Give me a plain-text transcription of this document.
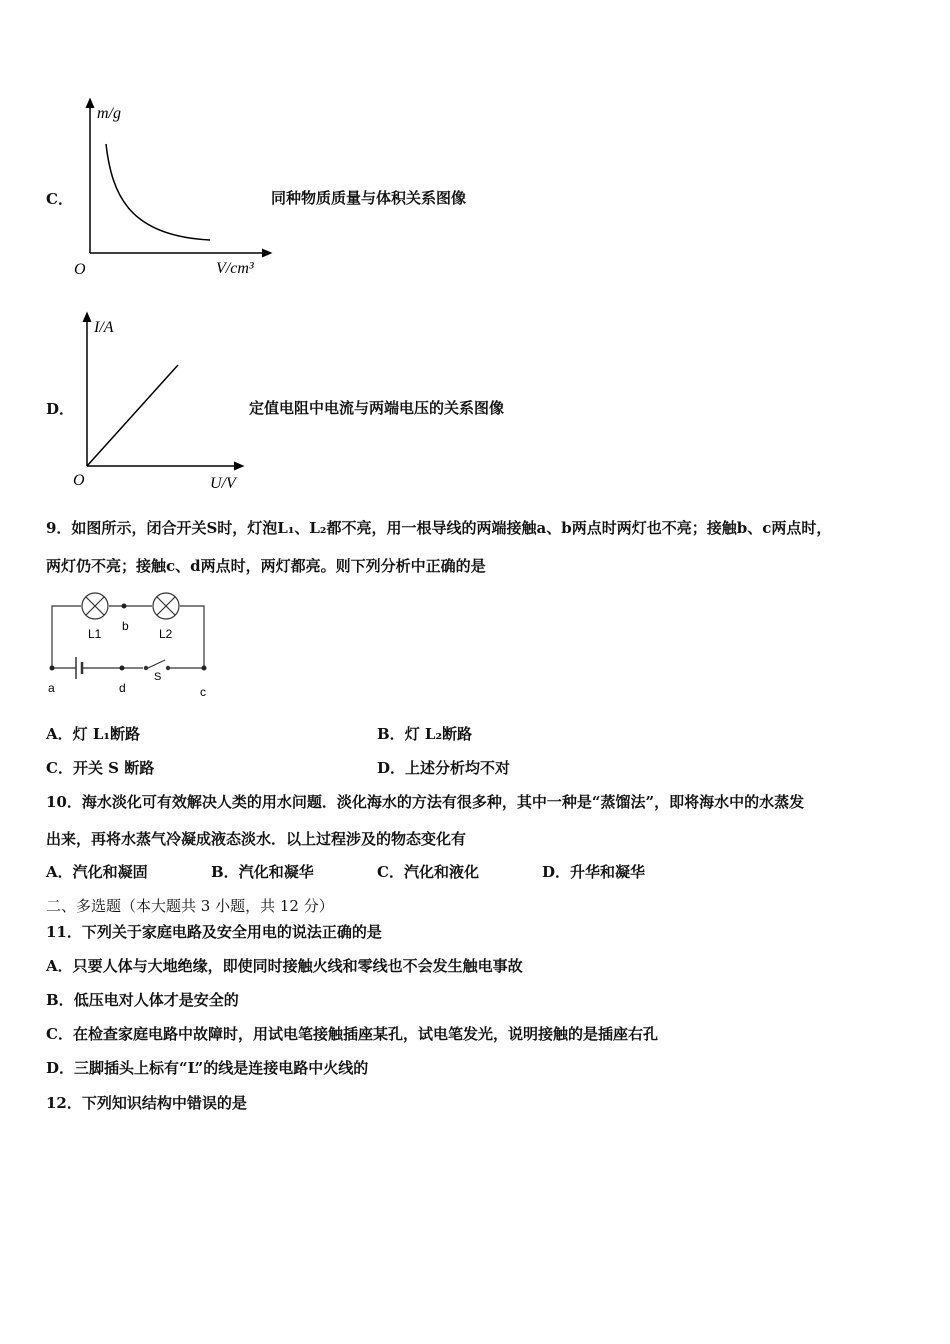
C．
m/g
O	V/cm³
同种物质质量与体积关系图像
D．
I/A
O	U/V
定值电阻中电流与两端电压的关系图像
9．如图所示，闭合开关S时，灯泡L₁、L₂都不亮，用一根导线的两端接触a、b两点时两灯也不亮；接触b、c两点时，
两灯仍不亮；接触c、d两点时，两灯都亮。则下列分析中正确的是
L1	L2
b
S
a	d	c
A．灯 L₁断路	B．灯 L₂断路
C．开关 S 断路	D．上述分析均不对
10．海水淡化可有效解决人类的用水问题．淡化海水的方法有很多种，其中一种是“蒸馏法”，即将海水中的水蒸发
出来，再将水蒸气冷凝成液态淡水．以上过程涉及的物态变化有
A．汽化和凝固	B．汽化和凝华	C．汽化和液化	D．升华和凝华
二、多选题（本大题共 3 小题，共 12 分）
11．下列关于家庭电路及安全用电的说法正确的是
A．只要人体与大地绝缘，即使同时接触火线和零线也不会发生触电事故
B．低压电对人体才是安全的
C．在检查家庭电路中故障时，用试电笔接触插座某孔，试电笔发光，说明接触的是插座右孔
D．三脚插头上标有“L”的线是连接电路中火线的
12．下列知识结构中错误的是
